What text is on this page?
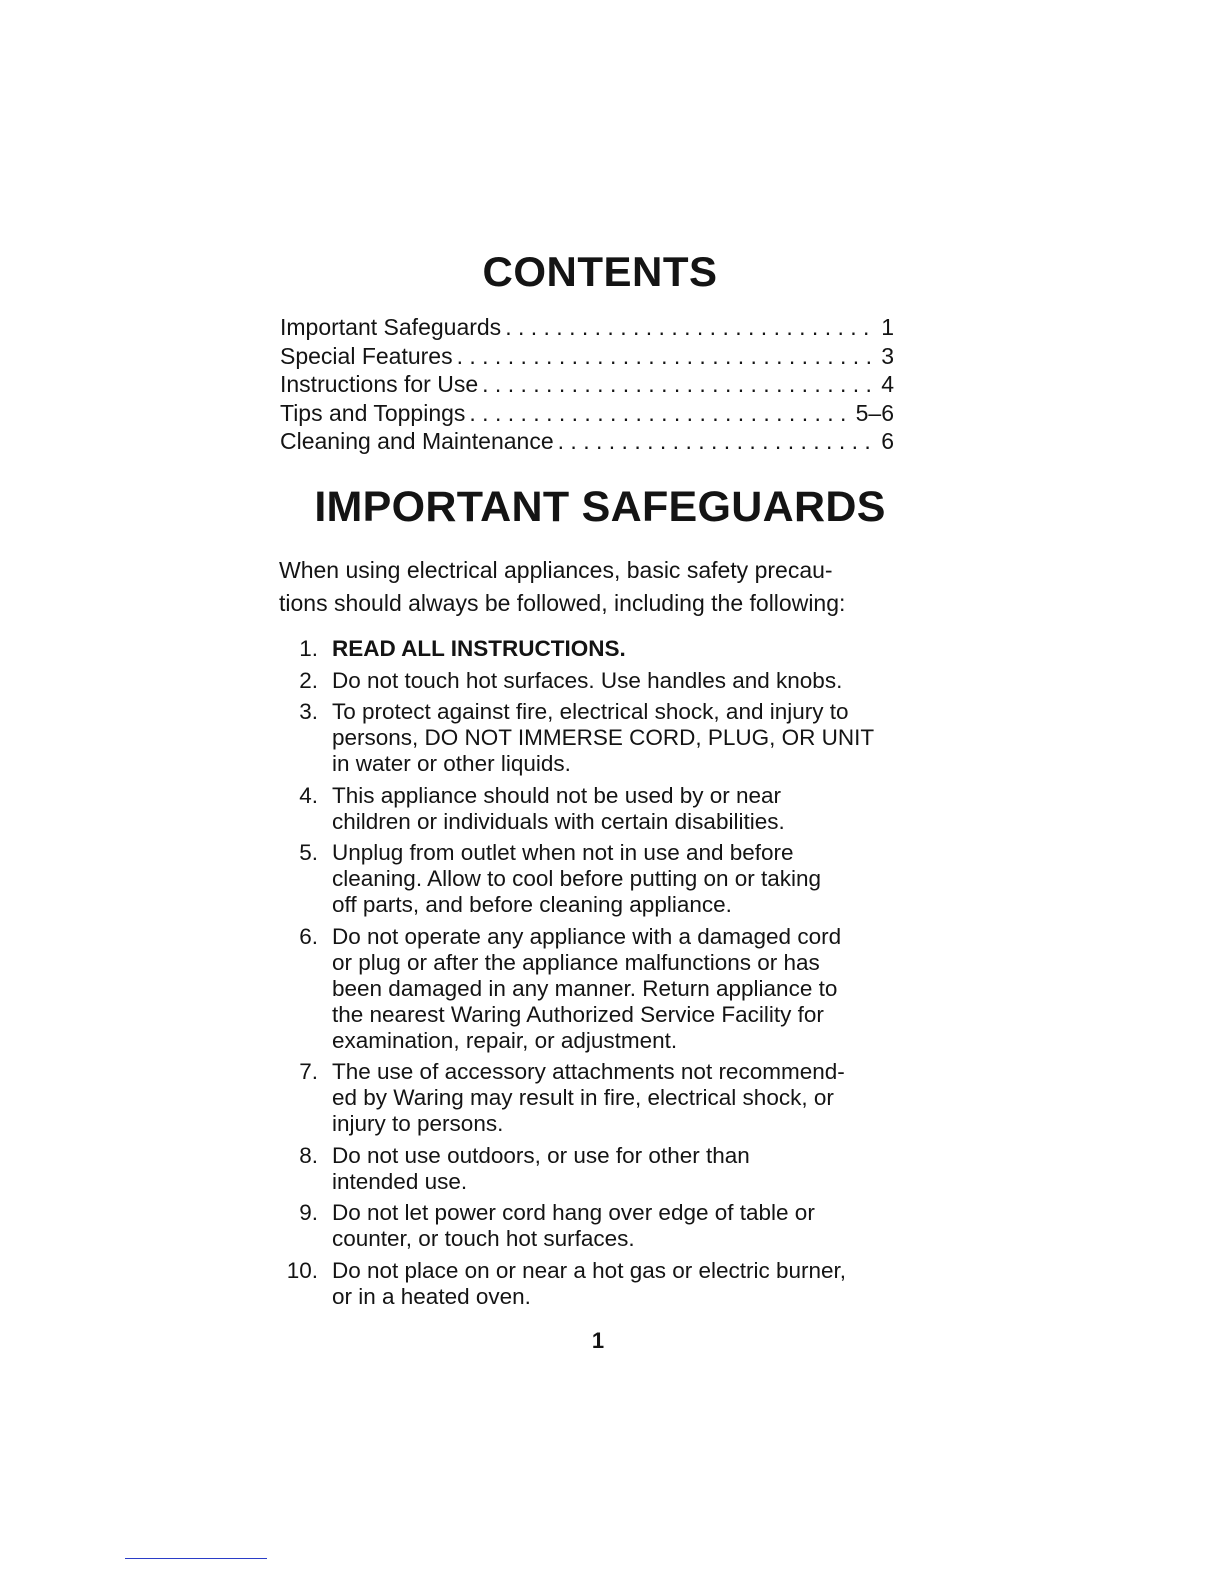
CONTENTS
Important Safeguards . . .	1
Special Features . . .	3
Instructions for Use . . .	4
Tips and Toppings . . .	5–6
Cleaning and Maintenance . . .	6
IMPORTANT SAFEGUARDS

When using electrical appliances, basic safety precau-
tions should always be followed, including the following:

1. READ ALL INSTRUCTIONS.
2. Do not touch hot surfaces. Use handles and knobs.
3. To protect against fire, electrical shock, and injury to
persons, DO NOT IMMERSE CORD, PLUG, OR UNIT
in water or other liquids.
4. This appliance should not be used by or near
children or individuals with certain disabilities.
5. Unplug from outlet when not in use and before
cleaning. Allow to cool before putting on or taking
off parts, and before cleaning appliance.
6. Do not operate any appliance with a damaged cord
or plug or after the appliance malfunctions or has
been damaged in any manner. Return appliance to
the nearest Waring Authorized Service Facility for
examination, repair, or adjustment.
7. The use of accessory attachments not recommend-
ed by Waring may result in fire, electrical shock, or
injury to persons.
8. Do not use outdoors, or use for other than
intended use.
9. Do not let power cord hang over edge of table or
counter, or touch hot surfaces.
10. Do not place on or near a hot gas or electric burner,
or in a heated oven.
1
